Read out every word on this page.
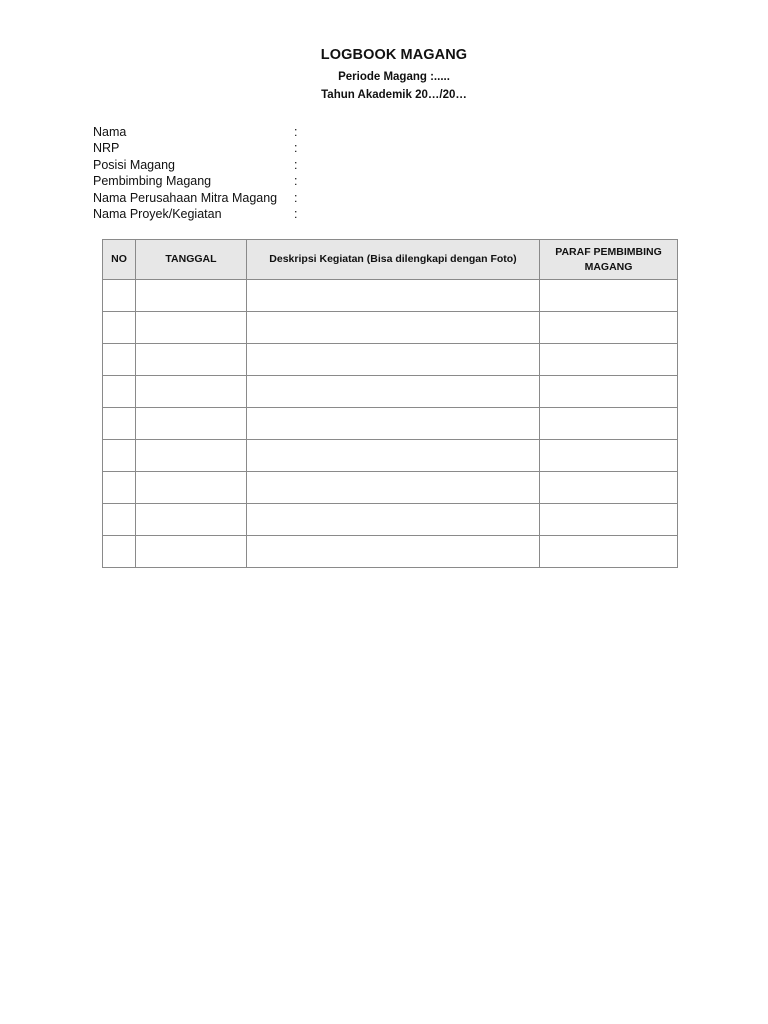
LOGBOOK MAGANG
Periode Magang :.....
Tahun Akademik 20…/20…
Nama	:
NRP	:
Posisi Magang	:
Pembimbing Magang	:
Nama Perusahaan Mitra Magang :
Nama Proyek/Kegiatan	:
NO	TANGGAL	Deskripsi Kegiatan (Bisa dilengkapi dengan Foto)	PARAF PEMBIMBING
MAGANG
